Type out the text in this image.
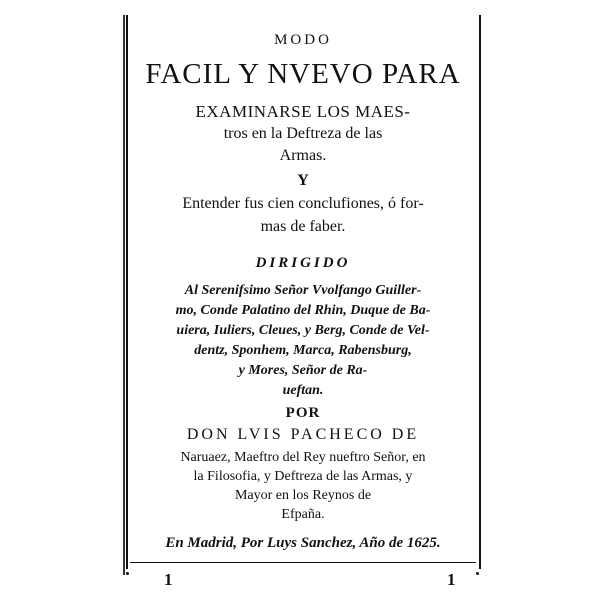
MODO
FACIL Y NVEVO PARA
EXAMINARSE LOS MAES-
tros en la Deftreza de las
Armas.
Y
Entender fus cien conclufiones, ó for-
mas de faber.
DIRIGIDO
Al Serenifsimo Señor Vvolfango Guiller-
mo, Conde Palatino del Rhin, Duque de Ba-
uiera, Iuliers, Cleues, y Berg, Conde de Vel-
dentz, Sponhem, Marca, Rabensburg,
y Mores, Señor de Ra-
ueftan.
POR
DON LVIS PACHECO DE
Naruaez, Maeftro del Rey nueftro Señor, en
la Filosofia, y Deftreza de las Armas, y
Mayor en los Reynos de
Efpaña.
En Madrid, Por Luys Sanchez, Año de 1625.
1	1
